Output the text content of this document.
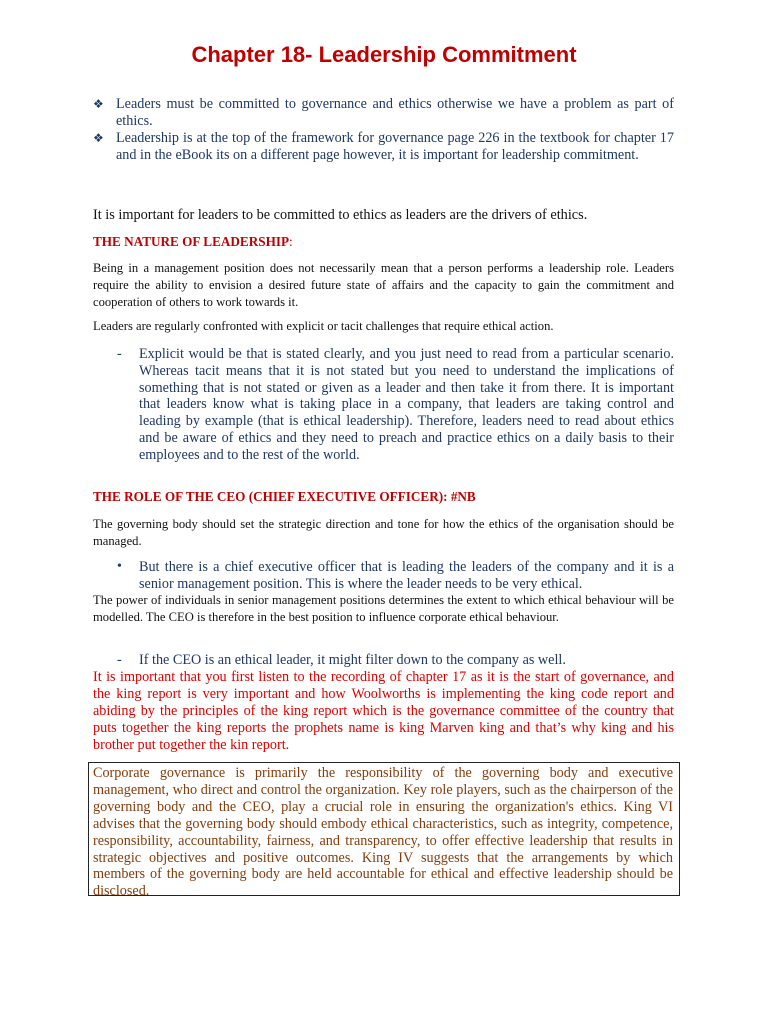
Chapter 18- Leadership Commitment
❖ Leaders must be committed to governance and ethics otherwise we have a problem as part of ethics.
❖ Leadership is at the top of the framework for governance page 226 in the textbook for chapter 17 and in the eBook its on a different page however, it is important for leadership commitment.
It is important for leaders to be committed to ethics as leaders are the drivers of ethics.
THE NATURE OF LEADERSHIP:
Being in a management position does not necessarily mean that a person performs a leadership role. Leaders require the ability to envision a desired future state of affairs and the capacity to gain the commitment and cooperation of others to work towards it.
Leaders are regularly confronted with explicit or tacit challenges that require ethical action.
- Explicit would be that is stated clearly, and you just need to read from a particular scenario. Whereas tacit means that it is not stated but you need to understand the implications of something that is not stated or given as a leader and then take it from there. It is important that leaders know what is taking place in a company, that leaders are taking control and leading by example (that is ethical leadership). Therefore, leaders need to read about ethics and be aware of ethics and they need to preach and practice ethics on a daily basis to their employees and to the rest of the world.
THE ROLE OF THE CEO (CHIEF EXECUTIVE OFFICER): #NB
The governing body should set the strategic direction and tone for how the ethics of the organisation should be managed.
• But there is a chief executive officer that is leading the leaders of the company and it is a senior management position. This is where the leader needs to be very ethical.
The power of individuals in senior management positions determines the extent to which ethical behaviour will be modelled. The CEO is therefore in the best position to influence corporate ethical behaviour.
- If the CEO is an ethical leader, it might filter down to the company as well.
It is important that you first listen to the recording of chapter 17 as it is the start of governance, and the king report is very important and how Woolworths is implementing the king code report and abiding by the principles of the king report which is the governance committee of the country that puts together the king reports the prophets name is king Marven king and that’s why king and his brother put together the kin report.
Corporate governance is primarily the responsibility of the governing body and executive management, who direct and control the organization. Key role players, such as the chairperson of the governing body and the CEO, play a crucial role in ensuring the organization's ethics. King VI advises that the governing body should embody ethical characteristics, such as integrity, competence, responsibility, accountability, fairness, and transparency, to offer effective leadership that results in strategic objectives and positive outcomes. King IV suggests that the arrangements by which members of the governing body are held accountable for ethical and effective leadership should be disclosed.
